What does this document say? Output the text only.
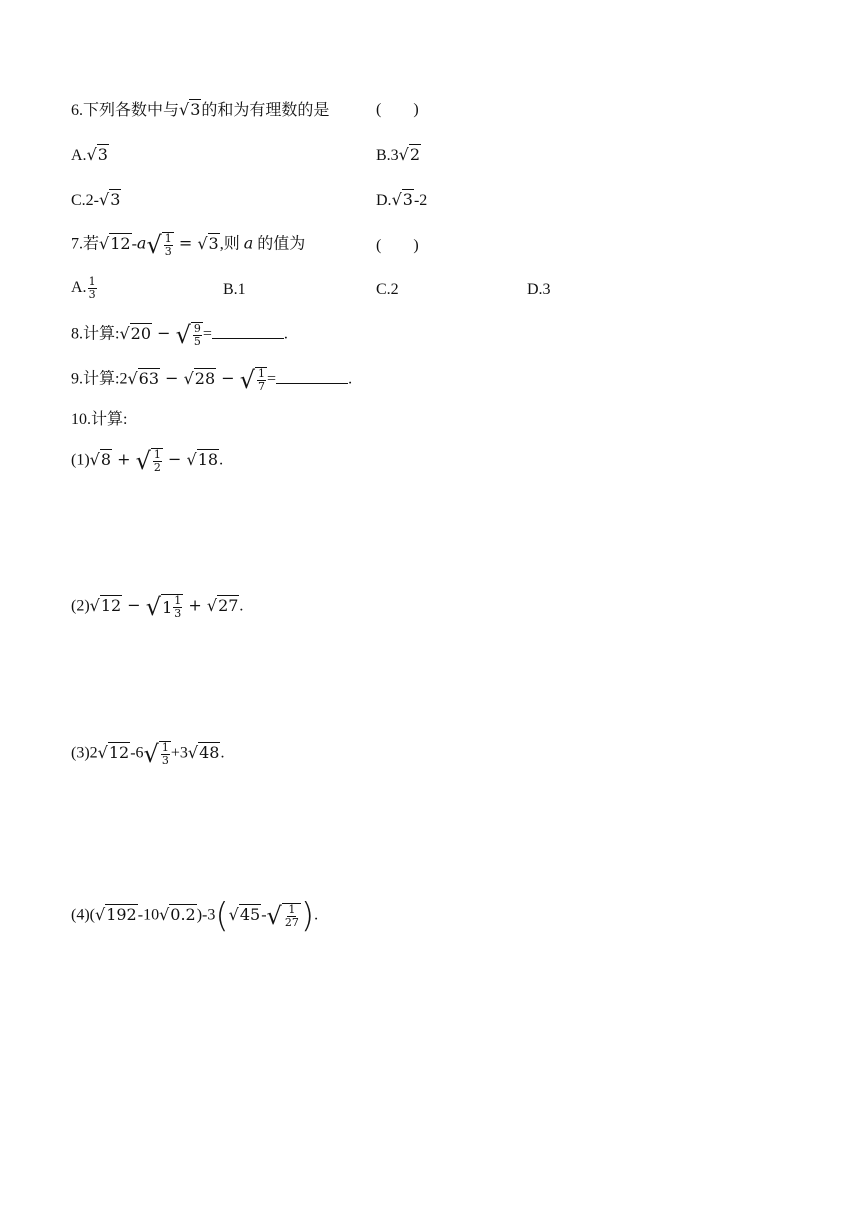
6.下列各数中与√3的和为有理数的是	(　　)
A.√3	B.3√2
C.2-√3	D.√3-2
7.若√12-a √ $\frac{1}{3} = √3$,则 a 的值为	(　　)
A. $\frac{1}{3}$	B.1	C.2	D.3
8.计算:√20 − √ $\frac{9}{5}$ =	.
9.计算:2√63 − √28 − √ $\frac{1}{7}$ =	.
10.计算:
(1)√8 + √ $\frac{1}{2} - √18$.
(2)√12 − √ $1 \frac{1}{3} + √27$.
(3)2√12-6 √ $\frac{1}{3} +3√48$.
(4)(√192-10√0.2)-3(√45- √ $\frac{1}{27}$ ).
